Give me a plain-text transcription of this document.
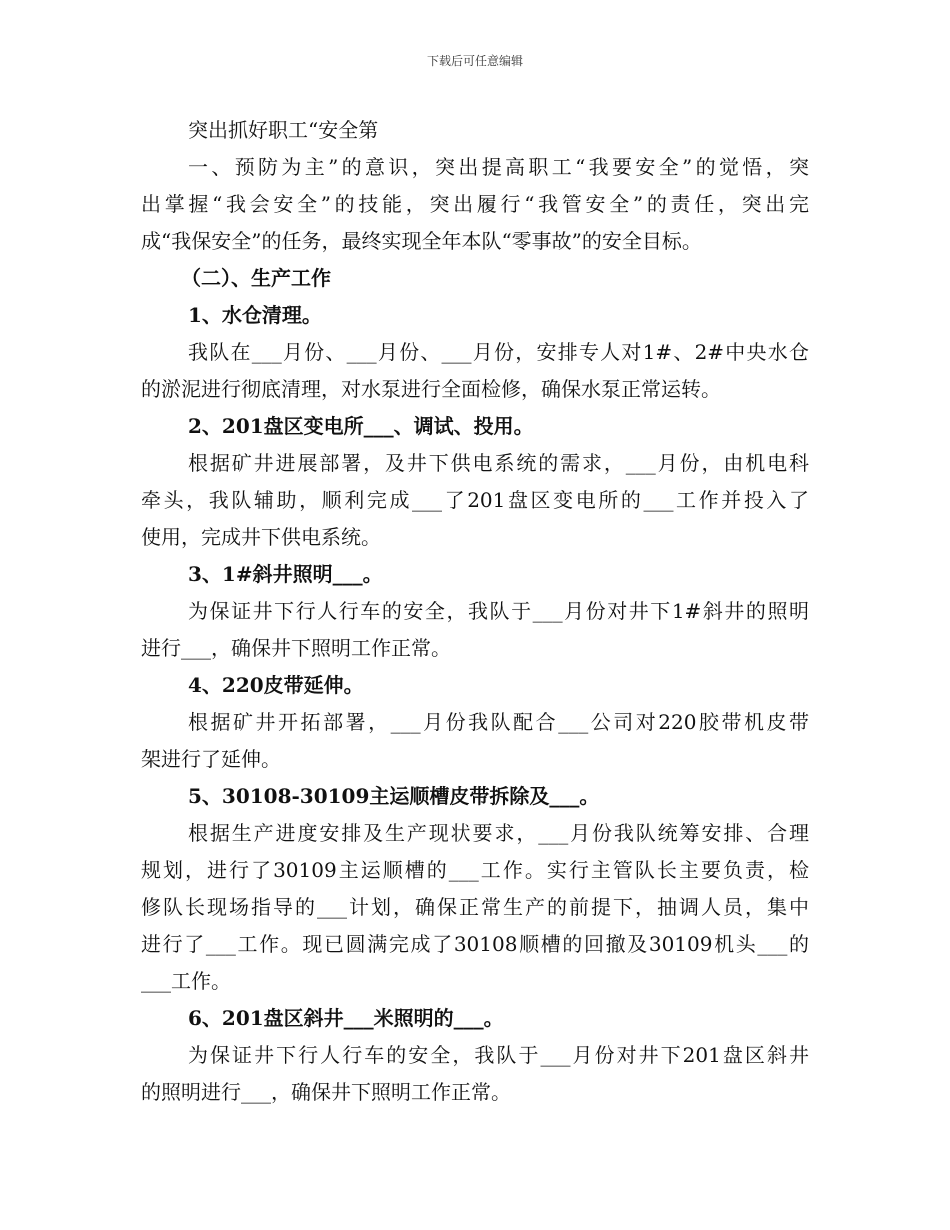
下载后可任意编辑
突出抓好职工“安全第
一、预防为主”的意识，突出提高职工“我要安全”的觉悟，突
出掌握“我会安全”的技能，突出履行“我管安全”的责任，突出完
成“我保安全”的任务，最终实现全年本队“零事故”的安全目标。
（二）、生产工作
1、水仓清理。
我队在___月份、___月份、___月份，安排专人对1#、2#中央水仓
的淤泥进行彻底清理，对水泵进行全面检修，确保水泵正常运转。
2、201盘区变电所___、调试、投用。
根据矿井进展部署，及井下供电系统的需求，___月份，由机电科
牵头，我队辅助，顺利完成___了201盘区变电所的___工作并投入了
使用，完成井下供电系统。
3、1#斜井照明___。
为保证井下行人行车的安全，我队于___月份对井下1#斜井的照明
进行___，确保井下照明工作正常。
4、220皮带延伸。
根据矿井开拓部署，___月份我队配合___公司对220胶带机皮带
架进行了延伸。
5、30108-30109主运顺槽皮带拆除及___。
根据生产进度安排及生产现状要求，___月份我队统筹安排、合理
规划，进行了30109主运顺槽的___工作。实行主管队长主要负责，检
修队长现场指导的___计划，确保正常生产的前提下，抽调人员，集中
进行了___工作。现已圆满完成了30108顺槽的回撤及30109机头___的
___工作。
6、201盘区斜井___米照明的___。
为保证井下行人行车的安全，我队于___月份对井下201盘区斜井
的照明进行___，确保井下照明工作正常。
